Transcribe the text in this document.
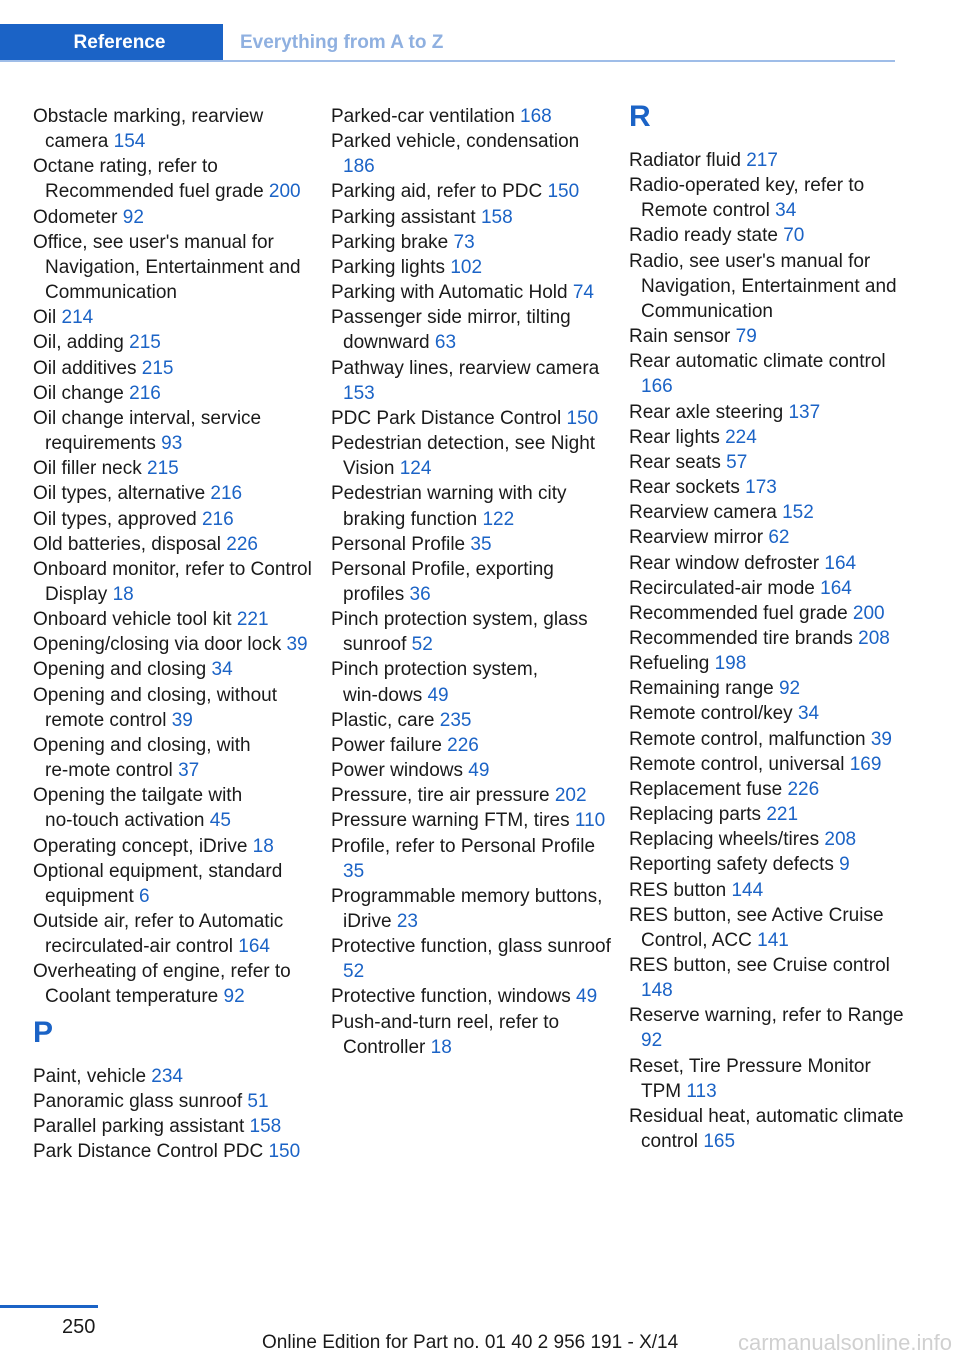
Reference	Everything from A to Z
Obstacle marking, rearview camera 154
Octane rating, refer to Recommended fuel grade 200
Odometer 92
Office, see user's manual for Navigation, Entertainment and Communication
Oil 214
Oil, adding 215
Oil additives 215
Oil change 216
Oil change interval, service requirements 93
Oil filler neck 215
Oil types, alternative 216
Oil types, approved 216
Old batteries, disposal 226
Onboard monitor, refer to Control Display 18
Onboard vehicle tool kit 221
Opening/closing via door lock 39
Opening and closing 34
Opening and closing, without remote control 39
Opening and closing, with re‑mote control 37
Opening the tailgate with no‑touch activation 45
Operating concept, iDrive 18
Optional equipment, standard equipment 6
Outside air, refer to Automatic recirculated-air control 164
Overheating of engine, refer to Coolant temperature 92
P
Paint, vehicle 234
Panoramic glass sunroof 51
Parallel parking assistant 158
Park Distance Control PDC 150
Parked-car ventilation 168
Parked vehicle, condensation 186
Parking aid, refer to PDC 150
Parking assistant 158
Parking brake 73
Parking lights 102
Parking with Automatic Hold 74
Passenger side mirror, tilting downward 63
Pathway lines, rearview camera 153
PDC Park Distance Control 150
Pedestrian detection, see Night Vision 124
Pedestrian warning with city braking function 122
Personal Profile 35
Personal Profile, exporting profiles 36
Pinch protection system, glass sunroof 52
Pinch protection system, win‑dows 49
Plastic, care 235
Power failure 226
Power windows 49
Pressure, tire air pressure 202
Pressure warning FTM, tires 110
Profile, refer to Personal Profile 35
Programmable memory buttons, iDrive 23
Protective function, glass sunroof 52
Protective function, windows 49
Push-and-turn reel, refer to Controller 18
R
Radiator fluid 217
Radio-operated key, refer to Remote control 34
Radio ready state 70
Radio, see user's manual for Navigation, Entertainment and Communication
Rain sensor 79
Rear automatic climate control 166
Rear axle steering 137
Rear lights 224
Rear seats 57
Rear sockets 173
Rearview camera 152
Rearview mirror 62
Rear window defroster 164
Recirculated-air mode 164
Recommended fuel grade 200
Recommended tire brands 208
Refueling 198
Remaining range 92
Remote control/key 34
Remote control, malfunction 39
Remote control, universal 169
Replacement fuse 226
Replacing parts 221
Replacing wheels/tires 208
Reporting safety defects 9
RES button 144
RES button, see Active Cruise Control, ACC 141
RES button, see Cruise control 148
Reserve warning, refer to Range 92
Reset, Tire Pressure Monitor TPM 113
Residual heat, automatic climate control 165
250
Online Edition for Part no. 01 40 2 956 191 - X/14	carmanualsonline.info
